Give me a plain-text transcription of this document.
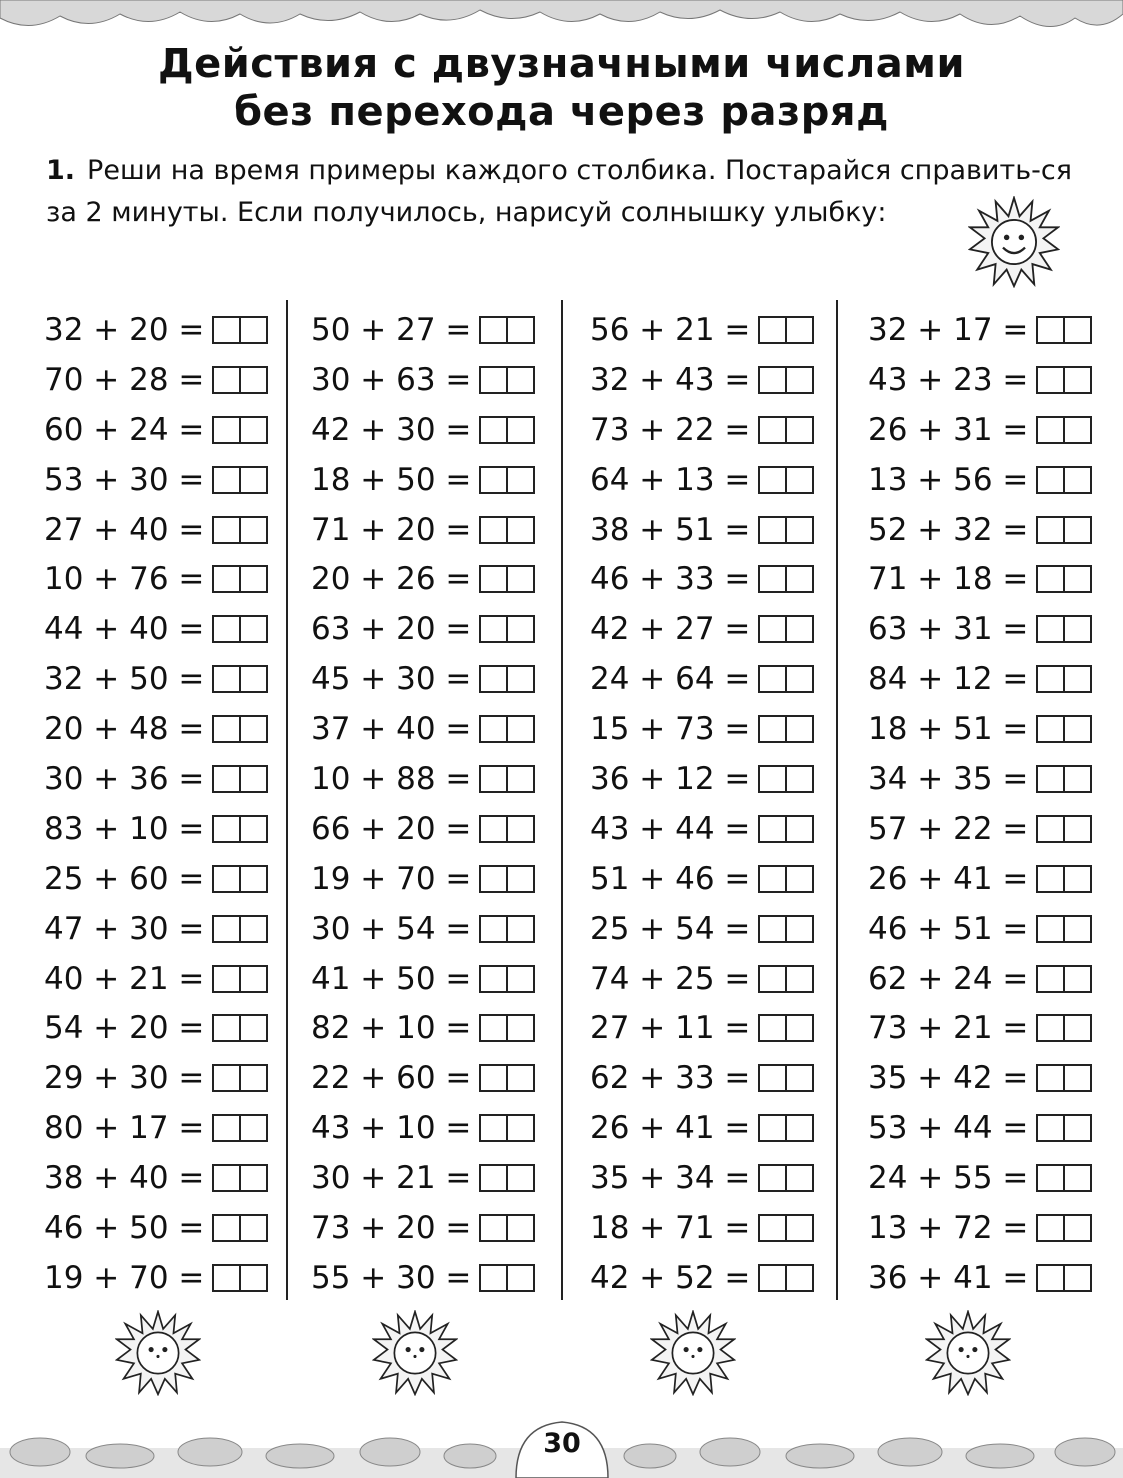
Действия с двузначными числами
без перехода через разряд
1. Реши на время примеры каждого столбика. Постарайся справить-ся за 2 минуты. Если получилось, нарисуй солнышку улыбку:
32 + 20 =
70 + 28 =
60 + 24 =
53 + 30 =
27 + 40 =
10 + 76 =
44 + 40 =
32 + 50 =
20 + 48 =
30 + 36 =
83 + 10 =
25 + 60 =
47 + 30 =
40 + 21 =
54 + 20 =
29 + 30 =
80 + 17 =
38 + 40 =
46 + 50 =
19 + 70 =
50 + 27 =
30 + 63 =
42 + 30 =
18 + 50 =
71 + 20 =
20 + 26 =
63 + 20 =
45 + 30 =
37 + 40 =
10 + 88 =
66 + 20 =
19 + 70 =
30 + 54 =
41 + 50 =
82 + 10 =
22 + 60 =
43 + 10 =
30 + 21 =
73 + 20 =
55 + 30 =
56 + 21 =
32 + 43 =
73 + 22 =
64 + 13 =
38 + 51 =
46 + 33 =
42 + 27 =
24 + 64 =
15 + 73 =
36 + 12 =
43 + 44 =
51 + 46 =
25 + 54 =
74 + 25 =
27 + 11 =
62 + 33 =
26 + 41 =
35 + 34 =
18 + 71 =
42 + 52 =
32 + 17 =
43 + 23 =
26 + 31 =
13 + 56 =
52 + 32 =
71 + 18 =
63 + 31 =
84 + 12 =
18 + 51 =
34 + 35 =
57 + 22 =
26 + 41 =
46 + 51 =
62 + 24 =
73 + 21 =
35 + 42 =
53 + 44 =
24 + 55 =
13 + 72 =
36 + 41 =
30
